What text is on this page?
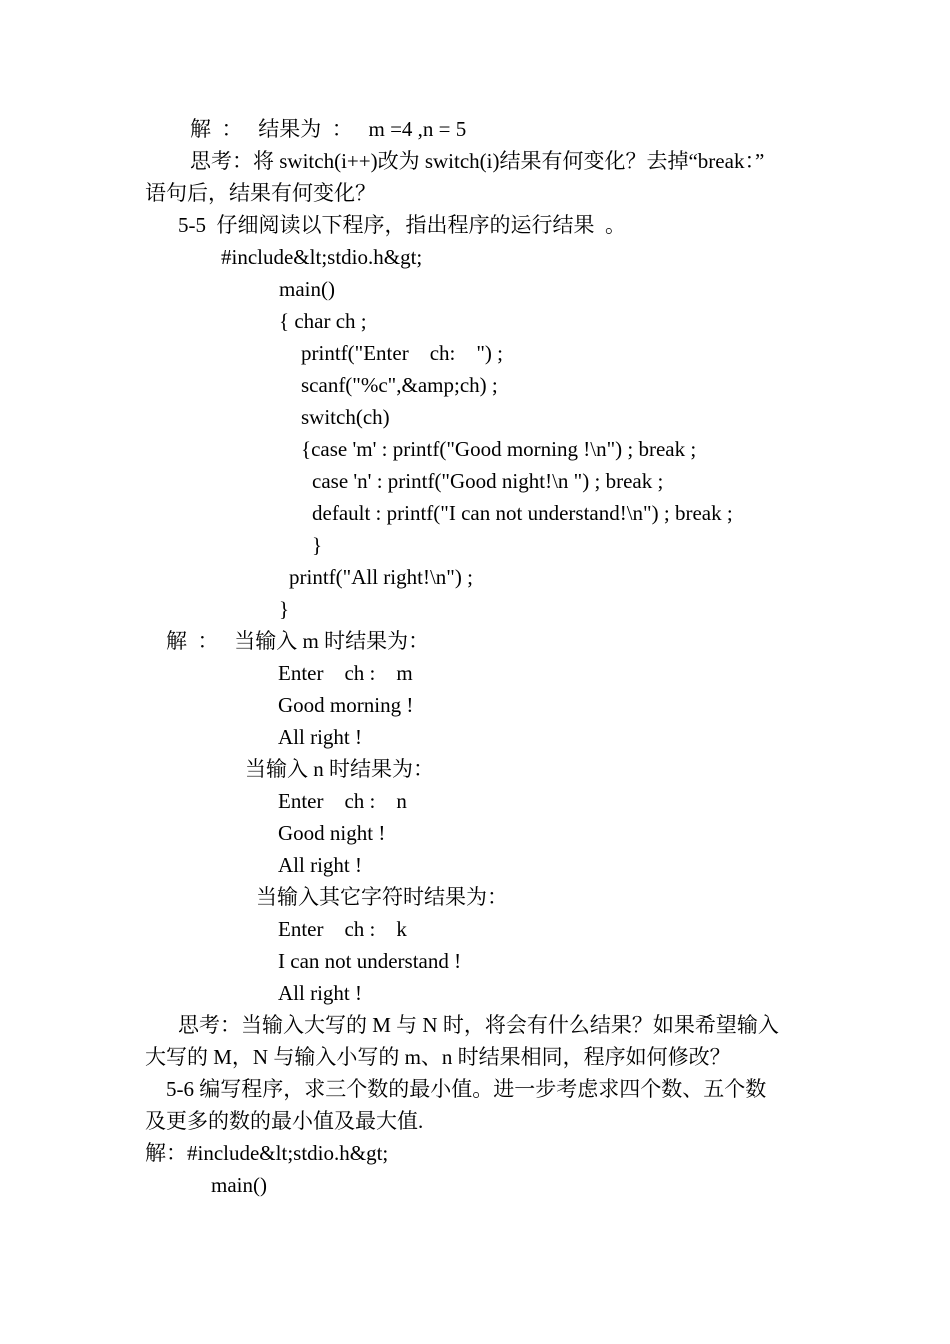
解  ：   结果为  ：   m =4 ,n = 5
思考：将 switch(i++)改为 switch(i)结果有何变化？去掉“break：”
语句后，结果有何变化？
5-5  仔细阅读以下程序，指出程序的运行结果  。
#include&lt;stdio.h&gt;
main()
{ char ch ;
printf("Enter    ch:    ") ;
scanf("%c",&amp;ch) ;
switch(ch)
{case 'm' : printf("Good morning !\n") ; break ;
case 'n' : printf("Good night!\n ") ; break ;
default : printf("I can not understand!\n") ; break ;
}
printf("All right!\n") ;
}
解  ：   当输入 m 时结果为：
Enter    ch :    m
Good morning !
All right !
当输入 n 时结果为：
Enter    ch :    n
Good night !
All right !
当输入其它字符时结果为：
Enter    ch :    k
I can not understand !
All right !
思考：当输入大写的 M 与 N 时，将会有什么结果？如果希望输入
大写的 M，N 与输入小写的 m、n 时结果相同，程序如何修改？
5-6 编写程序，求三个数的最小值。进一步考虑求四个数、五个数
及更多的数的最小值及最大值.
解：#include&lt;stdio.h&gt;
main()
